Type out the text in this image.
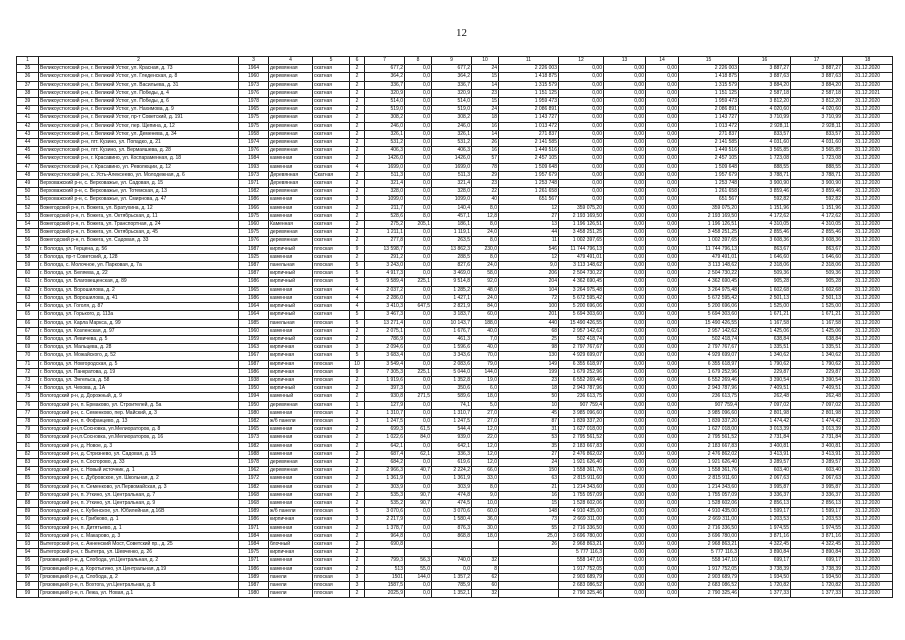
12
1	2	3	4	5	6	7	8	9	10	11	12	13	14	15	16	17	18
35	Великоустюгский р-н, г. Великий Устюг, ул. Красная, д. 73	1964	деревянная	скатная	2	677,2	0,0	677,2	24	2 226 003	0,00	0,00	0,00	2 226 003	3 887,27	3 887,27	31.12.2020
36	Великоустюгский р-н, г. Великий Устюг, ул. Гледенская, д. 8	1960	деревянная	скатная	2	364,2	0,0	364,2	15	1 418 875	0,00	0,00	0,00	1 418 875	3 887,63	3 887,63	31.12.2020
37	Великоустюгский р-н, г. Великий Устюг, ул. Васильева, д. 31	1973	деревянная	скатная	2	336,7	0,0	336,7	14	1 315 579	0,00	0,00	0,00	1 315 579	3 884,20	3 884,20	31.12.2020
38	Великоустюгский р-н, г. Великий Устюг, ул. Победы, д. 4	1976	деревянная	скатная	2	320,9	0,0	320,9	23	1 151 125	0,00	0,00	0,00	1 151 125	2 587,18	2 587,18	31.12.2021
39	Великоустюгский р-н, г. Великий Устюг, ул. Победы, д. 6	1978	деревянная	скатная	2	514,0	0,0	514,0	15	1 959 473	0,00	0,00	0,00	1 959 473	3 812,20	3 812,20	31.12.2020
40	Великоустюгский р-н, г. Великий Устюг, ул. Нахимова, д. 9	1965	деревянная	скатная	2	519,0	0,0	519,0	24	2 086 891	0,00	0,00	0,00	2 086 891	4 020,60	4 020,60	31.12.2020
41	Великоустюгский р-н, г. Великий Устюг, пр-т Советский, д. 191	1975	деревянная	скатная	2	308,2	0,0	308,2	18	1 143 727	0,00	0,00	0,00	1 143 727	3 710,99	3 710,99	31.12.2020
42	Великоустюгский р-н, г. Великий Устюг, пер. Щепина, д. 12	1975	деревянная	скатная	2	246,0	0,0	246,0	16	1 013 472	0,00	0,00	0,00	1 013 472	2 928,11	2 928,11	31.12.2020
43	Великоустюгский р-н, г. Великий Устюг, ул. Деменева, д. 34	1958	деревянная	скатная	2	326,1	0,0	326,1	14	271 837	0,00	0,00	0,00	271 837	833,57	833,57	31.12.2020
44	Великоустюгский р-н, пгт. Кузино, ул. Попадко, д. 21	1974	деревянная	скатная	2	531,2	0,0	531,2	26	2 141 585	0,00	0,00	0,00	2 141 585	4 031,60	4 031,60	31.12.2020
45	Великоустюгский р-н, пгт. Кузино, ул. Вермаяшева, д. 28	1976	деревянная	скатная	2	406,3	0,0	406,3	16	1 449 516	0,00	0,00	0,00	1 449 516	3 565,85	3 565,85	31.12.2020
46	Великоустюгский р-н, г. Красавино, ул. Коспараменная, д. 18	1984	каменная	скатная	2	1426,0	0,0	1426,0	57	2 457 105	0,00	0,00	0,00	2 457 105	1 723,08	1 723,08	31.12.2020
47	Великоустюгский р-н, г. Красавино, ул. Революции, д. 12	1993	каменная	скатная	4	1699,0	0,0	1699,0	78	1 509 648	0,00	0,00	0,00	1 509 648	888,55	888,55	31.12.2020
48	Великоустюгский р-н, с. Усть-Алексеево, ул. Молодежная, д. 6	1973	Деревянная	Скатная	2	511,3	0,0	511,3	29	1 957 679	0,00	0,00	0,00	1 957 679	3 788,71	3 788,71	31.12.2020
49	Верховажский р-н, с. Верховажье, ул. Садовая, д. 15	1971	Деревянная	скатная	2	321,4	0,0	321,4	23	1 253 748	0,00	0,00	0,00	1 253 748	3 900,90	3 900,90	31.12.2020
50	Верховажский р-н, с. Верховажье, ул. Тотемская, д. 13	1982	деревянная	скатная	2	328,0	0,0	328,0	22	1 261 658	0,00	0,00	0,00	1 261 658	3 859,46	3 859,46	31.12.2020
51	Верховажский р-н, с. Верховажье, ул. Смирнова, д. 47	1986	каменная	скатная	3	1099,0	0,0	1099,0	40	651 567	0,00	0,00	0,00	651 567	592,82	592,82	31.12.2020
52	Вожегодский р-н, п. Вожега, ул. Братухина, д. 12	1966	каменная	скатная	2	211,7	0,0	140,4	8,0	12	359 075,20	0,00	0,00	359 075,20	1 151,96	1 151,96	31.12.2020
53	Вожегодский р-н, п. Вожега, ул. Октябрьская, д. 11	1975	каменная	скатная	2	528,6	8,0	457,1	12,8	27	2 193 169,50	0,00	0,00	2 193 169,50	4 172,62	4 172,62	31.12.2020
54	Вожегодский р-н, п. Вожега, ул. Транспортная, д. 24	1960	Каменная	скатная	2	275,2	205,1	186,1	8,0	13	1 196 126,51	0,00	0,00	1 196 126,51	4 310,05	4 310,05	31.12.2020
55	Вожегодский р-н, п. Вожега, ул. Октябрьская, д. 45	1975	деревянная	скатная	2	1 211,1	0,0	1 119,1	24,0	44	3 458 251,25	0,00	0,00	3 458 251,25	2 855,46	2 855,46	31.12.2020
56	Вожегодский р-н, п. Вожега, ул. Садовая, д. 33	1976	деревянная	скатная	2	277,8	0,0	263,5	8,0	11	1 002 397,65	0,00	0,00	1 002 397,65	3 608,36	3 608,36	31.12.2020
57	г. Вологда, ул. Герцена, д. 56	1987	кирпичный	плоская	9	13 598,7	0,0	13 862,3	230,0	546	11 744 796,13	0,00	0,00	11 744 796,13	863,67	863,67	31.12.2020
58	г. Вологда, пр-т Советский, д. 128	1925	каменная	скатная	2	291,2	0,0	288,5	8,0	12	479 491,01	0,00	0,00	479 491,01	1 646,60	1 646,60	31.12.2020
59	г. Вологда, с. Молочное, ул. Парковая, д. 7а	1987	панельная	плоская	5	3 243,0	0,0	827,6	24,0	9,0	3 113 148,62	0,00	0,00	3 113 148,62	2 318,06	2 318,06	31.12.2020
60	г. Вологда, ул. Беляева, д. 22	1987	кирпичный	плоская	5	4 917,3	0,0	3 469,0	58,0	206	2 504 730,22	0,00	0,00	2 504 730,22	509,36	509,36	31.12.2020
61	г. Вологда, ул. Благовещенская, д. 89	1986	кирпичный	плоская	5	9 589,4	225,1	9 514,8	92,0	204	4 362 690,45	0,00	0,00	4 362 690,45	905,28	905,28	31.12.2020
62	г. Вологда, ул. Ворошилова, д. 2	1965	каменная	скатная	4	2 037,2	0,0	1 285,2	48,0	104	3 264 975,48	0,00	0,00	3 264 975,48	1 602,68	1 602,68	31.12.2020
63	г. Вологда, ул. Ворошилова, д. 41	1986	каменная	скатная	4	2 286,0	0,0	1 427,1	24,0	72	5 672 595,42	0,00	0,00	5 672 595,42	2 501,13	2 501,13	31.12.2020
64	г. Вологда, ул. Гоголя, д. 87	1964	кирпичный	скатная	4	3 410,3	647,5	2 821,9	84,0	100	5 200 696,06	0,00	0,00	5 200 696,06	1 525,00	1 525,00	31.12.2020
65	г. Вологда, ул. Горького, д. 113а	1964	кирпичный	скатная	5	3 467,3	0,0	3 183,7	60,0	201	5 694 303,60	0,00	0,00	5 694 303,60	1 671,21	1 671,21	31.12.2020
66	г. Вологда, ул. Карла Маркса, д. 99	1985	панельная	плоская	5	13 271,4	0,0	10 143,7	188,0	440	15 490 426,55	0,00	0,00	15 490 426,55	1 167,58	1 167,58	31.12.2020
67	г. Вологда, ул. Козленская, д. 97	1960	каменная	скатная	2	2 075,1	0,0	1 676,7	40,0	68	2 957 142,62	0,00	0,00	2 957 142,62	1 425,06	1 425,06	31.12.2020
68	г. Вологда, ул. Левичева, д. 5	1959	кирпичный	скатная	2	786,9	0,0	461,3	7,0	25	502 418,74	0,00	0,00	502 418,74	638,84	638,84	31.12.2020
69	г. Вологда, ул. Мальцева, д. 28	1963	кирпичная	скатная	3	2 094,6	0,0	1 596,6	40,0	98	2 797 767,67	0,00	0,00	2 797 767,67	1 335,51	1 335,51	31.12.2020
70	г. Вологда, ул. Можайского, д. 52	1967	кирпичная	скатная	5	3 683,4	0,0	3 343,6	70,0	130	4 929 699,07	0,00	0,00	4 929 699,07	1 340,62	1 340,62	31.12.2020
71	г. Вологда, ул. Новгородская, д. 5	1987	кирпичная	плоская	10	3 549,4	0,0	2 083,6	79,0	149	6 355 618,97	0,00	0,00	6 355 618,97	1 790,62	1 790,62	31.12.2020
72	г. Вологда, ул. Панкратова, д. 19	1986	кирпичная	плоская	9	7 305,3	225,1	5 044,0	144,0	199	1 679 252,96	0,00	0,00	1 679 252,96	229,87	229,87	31.12.2020
73	г. Вологда, ул. Энгельса, д. 58	1938	кирпичная	плоская	2	1 919,6	0,0	1 352,8	19,0	23	6 552 269,46	0,00	0,00	6 552 269,46	3 390,54	3 390,54	31.12.2020
74	г. Вологда, ул. Чехова, д. 1А	1950	кирпичный	скатная	2	397,3	0,0	350,6	6,0	18	2 943 787,96	0,00	0,00	2 943 787,96	7 409,51	7 409,51	31.12.2020
75	Вологодский р-н, д. Дорожный, д. 9	1994	каменный	скатная	2	930,8	271,5	589,6	18,0	50	236 613,75	0,00	0,00	236 613,75	262,48	262,48	31.12.2020
76	Вологодский р-н, п. Ермаково, ул. Строителей, д. 5а	1950	деревянная	скатная	1	127,9	0,0	74,1	5,0	10	907 759,4	0,00	0,00	907 759,4	7 097,02	7 097,02	31.12.2020
77	Вологодский р-н, с. Семенково, пер. Майский, д. 3	1980	каменная	плоская	2	1 310,7	0,0	1 310,7	27,0	45	3 985 096,60	0,00	0,00	3 985 096,60	2 801,98	2 801,98	31.12.2020
78	Вологодский р-н, п. Фофанцево, д. 13	1982	ж/б панели	плоская	3	1 247,5	0,0	1 247,5	27,0	87	1 839 337,20	0,00	0,00	1 839 337,20	1 474,42	1 474,42	31.12.2020
79	Вологодский р-н,п.Сосновка, ул.Мелиораторов, д. 8	1965	каменная	скатная	2	699,3	61,5	544,4	12,0	31	1 627 018,00	0,00	0,00	1 627 018,00	3 013,39	3 013,39	31.12.2020
80	Вологодский р-н,п.Сосновка, ул.Мелиораторов, д. 16	1973	каменная	скатная	2	1 022,6	84,0	939,0	22,0	53	2 795 561,52	0,00	0,00	2 795 561,52	2 731,84	2 731,84	31.12.2020
81	Вологодский р-н, д. Новое, д. 3	1982	каменная	скатная	2	642,1	0,0	642,1	12,0	35	2 183 667,83	0,00	0,00	2 183 667,83	3 400,81	3 400,81	31.12.2020
82	Вологодский р-н, д. Стризнево, ул. Садовая, д. 15	1988	каменная	скатная	2	687,4	62,1	336,3	12,0	27	2 476 862,02	0,00	0,00	2 476 862,02	3 413,91	3 413,91	31.12.2020
83	Вологодский р-н, п. Сосгорово, д. 33	1978	деревянная	скатная	2	684,2	0,0	619,6	12,0	24	1 921 626,40	0,00	0,00	1 921 626,40	3 289,57	3 289,57	31.12.2020
84	Вологодский р-н, с. Новый источник, д. 1	1962	деревянная	скатная	2	2 966,3	40,7	2 224,2	66,0	150	1 558 361,76	0,00	0,00	1 558 361,76	603,40	603,40	31.12.2020
85	Вологодский р-н, с. Дубровское, ул. Школьная, д. 2	1972	каменная	скатная	2	1 361,9	0,0	1 361,9	33,0	63	2 815 911,60	0,00	0,00	2 815 911,60	2 067,63	2 067,63	31.12.2020
86	Вологодский р-н, п. Семенково, ул.Первомайская, д. 3	1982	каменная	скатная	2	303,9	0,0	303,9	8,0	21	1 214 343,60	0,00	0,00	1 214 343,60	3 995,87	3 995,87	31.12.2020
87	Вологодский р-н, п. Уткино, ул. Центральная, д. 7	1968	каменная	скатная	2	535,3	90,7	474,8	9,0	16	1 755 057,09	0,00	0,00	1 755 057,09	3 336,37	3 336,37	31.12.2020
88	Вологодский р-н, п. Уткино, ул. Центральная, д. 9	1968	каменная	скатная	2	535,2	90,7	474,5	10,0	15	1 528 602,06	0,00	0,00	1 528 602,06	2 856,13	2 856,13	31.12.2020
89	Вологодский р-н, с. Кубенское, ул. Юбилейная, д.16В	1989	ж/б панели	плоская	5	3 070,6	0,0	3 070,6	60,0	148	4 910 435,00	0,00	0,00	4 910 435,00	1 599,17	1 599,17	31.12.2020
90	Вологодский р-н, с. Грибково, д. 1	1986	кирпичная	скатная	3	2 217,9	0,0	1 580,4	36,0	73	2 669 311,00	0,00	0,00	2 669 311,00	1 203,53	1 203,53	31.12.2020
91	Вологодский р-н, п. Дитятьево, д. 1	1971	каменная	скатная	2	1 378,7	0,0	876,3	30,0	55	2 716 336,50	0,00	0,00	2 716 336,50	1 974,55	1 974,55	31.12.2020
92	Вологодский р-н, с. Макарово, д. 3	1984	каменная	скатная	2	964,8	0,0	868,8	18,0	25,0	3 696 780,00	0,00	0,00	3 696 780,00	3 871,16	3 871,16	31.12.2020
93	Вытегорский р-н, с. Анненский Мост, Советский пр., д. 25	1984	блочный	скатная	2	690,8				26	2 968 863,21	0,00	0,00	2 968 863,21	4 322,45	4 322,45	31.12.2020
94	Вытегорский р-н, г. Вытегра, ул. Шевченко, д. 26	1975	кирпичная	скатная	2						5 777 116,3	0,00	0,00	5 777 116,3	3 890,84	3 890,84	31.12.2020
95	Грязовецкий р-н, д. Слобода, ул.Центральная, д. 2	1971	каменная	скатная	2	799,3	56,3	740,0	32		558 147,10	0,00	0,00	558 147,10	699,17	699,17	31.12.2020
96	Грязовецкий р-н, д. Коротыгино, ул.Центральная, д.19	1986	каменная	скатная	2	513	55,0	0,0	8		1 917 752,05	0,00	0,00	1 917 752,05	3 738,39	3 738,39	31.12.2020
97	Грязовецкий р-н, д. Слобода, д. 2	1989	панели	плоская	3	1501	144,0	1 357,2	62		2 903 689,79	0,00	0,00	2 903 689,79	1 934,50	1 934,50	31.12.2020
98	Грязовецкий р-н, п. Вохтога, ул.Центральная, д. 8	1987	панели	плоская	3	1587,5	0,0	785,9	60		2 683 086,52	0,00	0,00	2 683 086,52	1 720,82	1 720,82	31.12.2020
99	Грязовецкий р-н, п. Лежа, ул. Новая, д.1	1980	панели	плоская	2	2025,9	0,0	1 352,1	32		2 790 325,46	0,00	0,00	2 790 325,46	1 377,33	1 377,33	31.12.2020
